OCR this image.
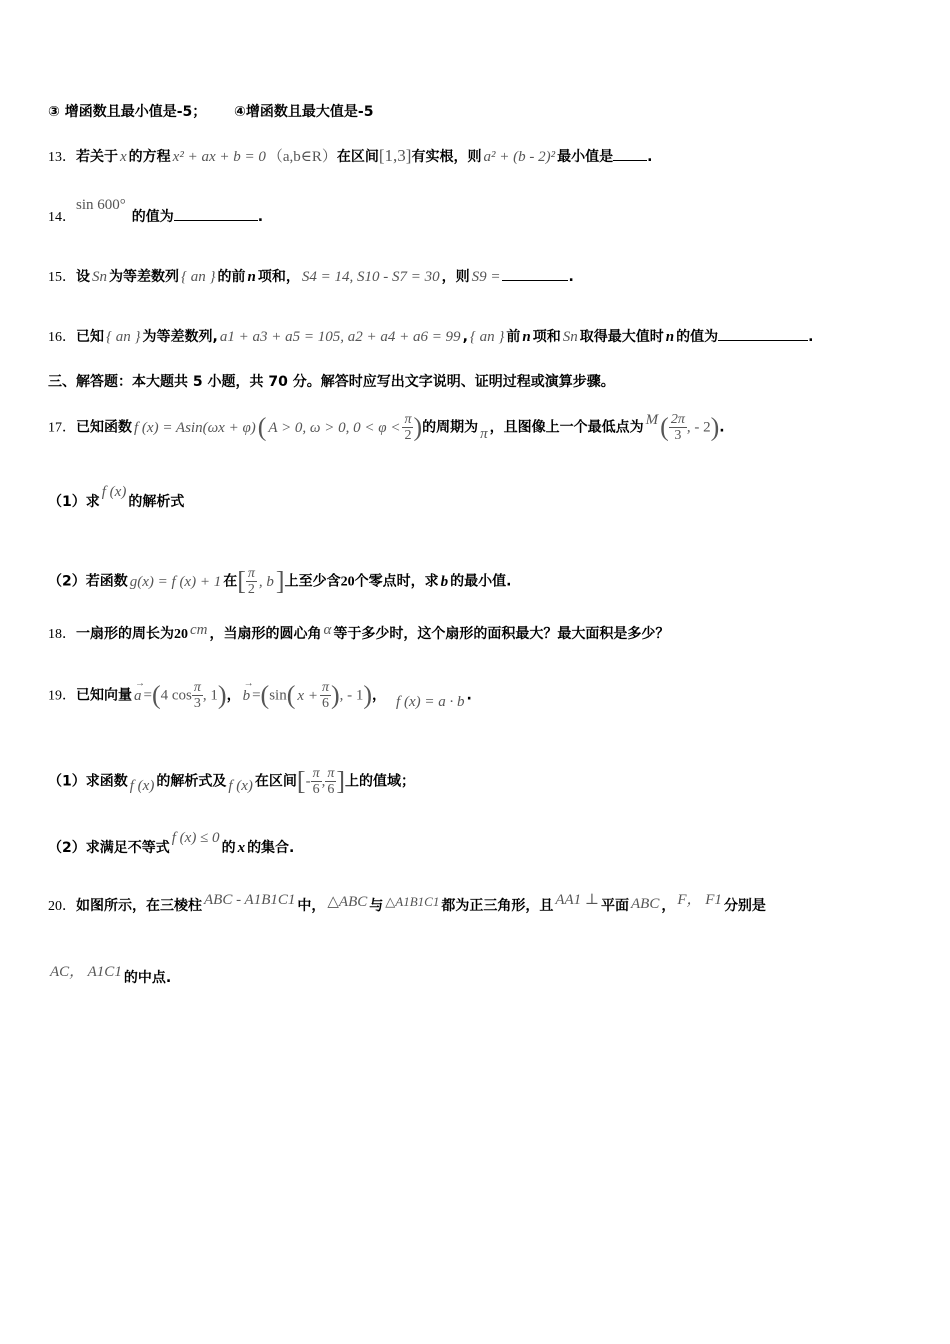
③ 增函数且最小值是-5； ④增函数且最大值是-5
13．若关于 x 的方程 x² + ax + b = 0 （a,b∈R）在区间[1,3]有实根，则 a² + (b - 2)² 最小值是 .
14．sin 600°的值为	.
15．设 Sn 为等差数列 { an } 的前 n 项和， S4 = 14, S10 - S7 = 30 ，则 S9 =	.
16．已知 { an } 为等差数列, a1 + a3 + a5 = 105, a2 + a4 + a6 = 99 , { an } 前 n 项和 Sn 取得最大值时 n 的值为	.
三、解答题：本大题共 5 小题，共 70 分。解答时应写出文字说明、证明过程或演算步骤。
17．已知函数 f (x) = Asin(ωx + φ)( A > 0, ω > 0, $0 < \varphi < \frac{\pi}{2}$ )的周期为 π ，且图像上一个最低点为 $M( \frac{2\pi}{3}$ , - 2).
（1）求f (x)的解析式
（2）若函数 g(x) = f (x) + 1 在[ $\frac{\pi}{2}$ , b]上至少含20个零点时，求 b 的最小值.
18．一扇形的周长为20 cm ，当扇形的圆心角 α 等于多少时，这个扇形的面积最大？最大面积是多少？
19．已知向量
→
a =(4 $\cos \frac{\pi}{3}$ , 1)，
→
b =(sin( $x + \frac{\pi}{6}$ ), - 1)， f (x) = a · b .
（1）求函数 f (x) 的解析式及 f (x) 在区间[- $\frac{\pi}{6}$ , $\frac{\pi}{6}$ ]上的值域；
（2）求满足不等式f (x) ≤ 0的 x 的集合.
20．如图所示，在三棱柱 ABC - A1B1C1 中， △ABC 与 △A1B1C1 都为正三角形，且 AA1 ⊥ 平面 ABC ， F， F1 分别是
AC， A1C1 的中点.
